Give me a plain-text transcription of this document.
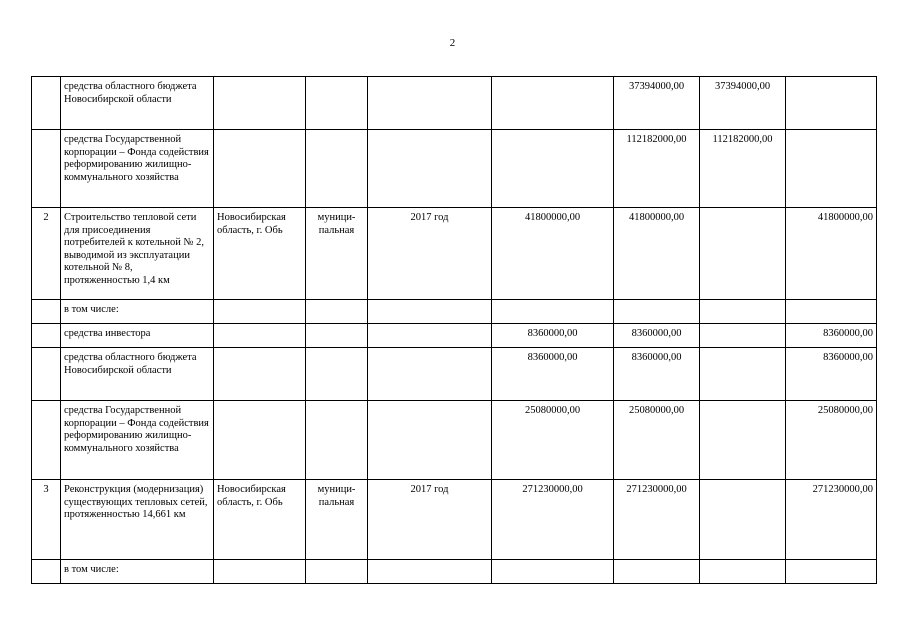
2
	средства областного бюджета Новосибирской области					37394000,00	37394000,00	
	средства Государственной корпорации – Фонда содействия реформированию жилищно-коммунального хозяйства					112182000,00	112182000,00	
2	Строительство тепловой сети для присоединения потребителей к котельной № 2, выводимой из эксплуатации котельной № 8, протяженностью 1,4 км	Новосибирская область, г. Обь	муници-пальная	2017 год	41800000,00	41800000,00		41800000,00
	в том числе:							
	средства инвестора				8360000,00	8360000,00		8360000,00
	средства областного бюджета Новосибирской области				8360000,00	8360000,00		8360000,00
	средства Государственной корпорации – Фонда содействия реформированию жилищно-коммунального хозяйства				25080000,00	25080000,00		25080000,00
3	Реконструкция (модернизация) существующих тепловых сетей, протяженностью 14,661 км	Новосибирская область, г. Обь	муници-пальная	2017 год	271230000,00	271230000,00		271230000,00
	в том числе:							
